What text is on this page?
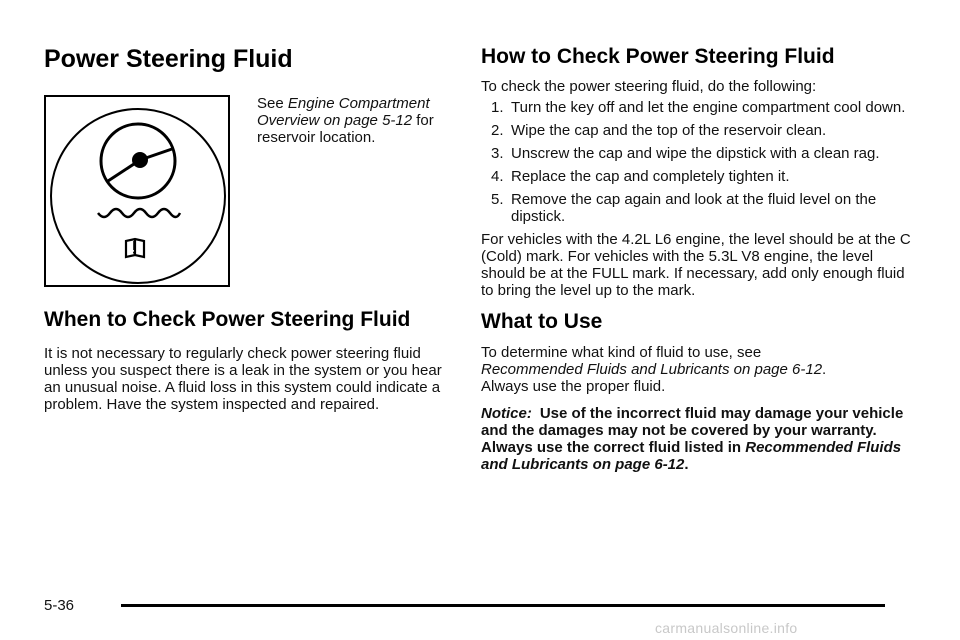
Power Steering Fluid

See Engine Compartment Overview on page 5-12 for reservoir location.

When to Check Power Steering Fluid

It is not necessary to regularly check power steering fluid unless you suspect there is a leak in the system or you hear an unusual noise. A fluid loss in this system could indicate a problem. Have the system inspected and repaired.

How to Check Power Steering Fluid

To check the power steering fluid, do the following:

1. Turn the key off and let the engine compartment cool down.
2. Wipe the cap and the top of the reservoir clean.
3. Unscrew the cap and wipe the dipstick with a clean rag.
4. Replace the cap and completely tighten it.
5. Remove the cap again and look at the fluid level on the dipstick.

For vehicles with the 4.2L L6 engine, the level should be at the C (Cold) mark. For vehicles with the 5.3L V8 engine, the level should be at the FULL mark. If necessary, add only enough fluid to bring the level up to the mark.

What to Use

To determine what kind of fluid to use, see
Recommended Fluids and Lubricants on page 6-12.
Always use the proper fluid.

Notice: Use of the incorrect fluid may damage your vehicle and the damages may not be covered by your warranty. Always use the correct fluid listed in Recommended Fluids and Lubricants on page 6-12.

5-36
carmanualsonline.info
